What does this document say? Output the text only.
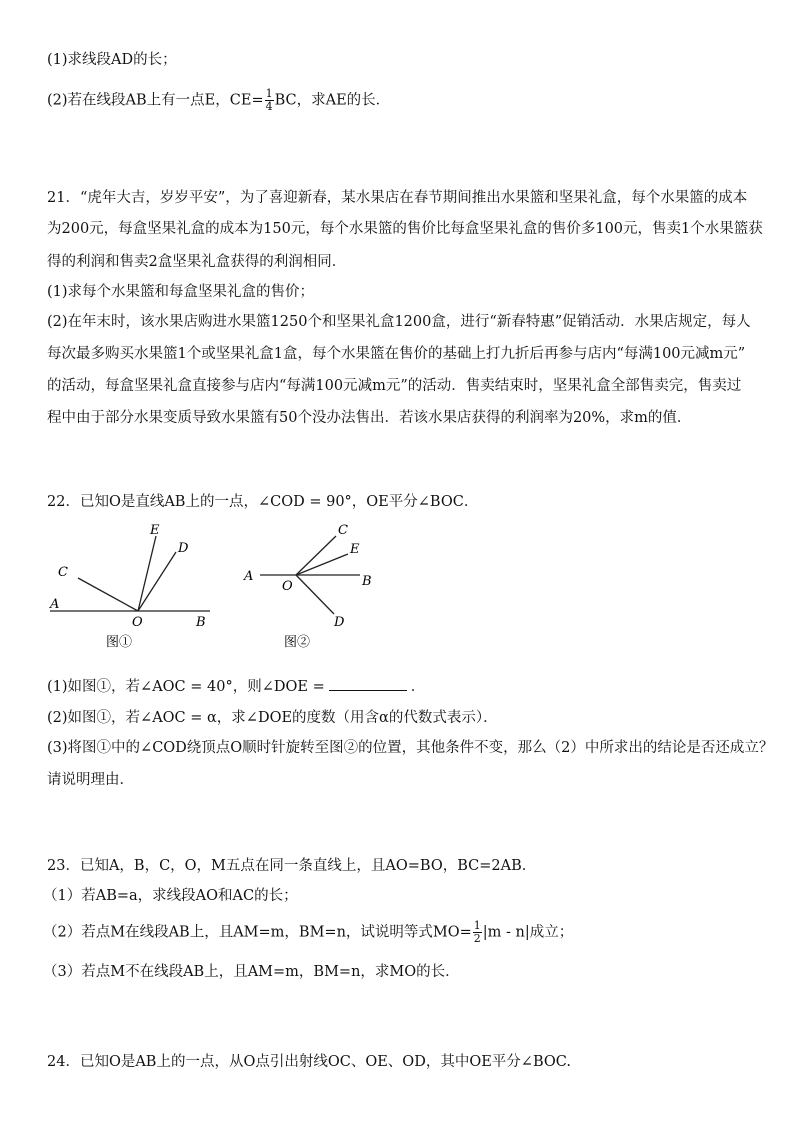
(1)求线段AD的长；
(2)若在线段AB上有一点E，$CE= \frac{1}{4}$ BC，求AE的长．
21．“虎年大吉，岁岁平安”，为了喜迎新春，某水果店在春节期间推出水果篮和坚果礼盒，每个水果篮的成本
为200元，每盒坚果礼盒的成本为150元，每个水果篮的售价比每盒坚果礼盒的售价多100元，售卖1个水果篮获
得的利润和售卖2盒坚果礼盒获得的利润相同．
(1)求每个水果篮和每盒坚果礼盒的售价；
(2)在年末时，该水果店购进水果篮1250个和坚果礼盒1200盒，进行“新春特惠”促销活动．水果店规定，每人
每次最多购买水果篮1个或坚果礼盒1盒，每个水果篮在售价的基础上打九折后再参与店内“每满100元减m元”
的活动，每盒坚果礼盒直接参与店内“每满100元减m元”的活动．售卖结束时，坚果礼盒全部售卖完，售卖过
程中由于部分水果变质导致水果篮有50个没办法售出．若该水果店获得的利润率为20%，求m的值．
22．已知O是直线AB上的一点，∠COD = 90°，OE平分∠BOC．
A
C
E
D
O	B
图①
A
C
E
O	B
D
图②
(1)如图①，若∠AOC = 40°，则∠DOE =	．
(2)如图①，若∠AOC = α，求∠DOE的度数（用含α的代数式表示）．
(3)将图①中的∠COD绕顶点O顺时针旋转至图②的位置，其他条件不变，那么（2）中所求出的结论是否还成立？
请说明理由．
23．已知A，B，C，O，M五点在同一条直线上，且AO=BO，BC=2AB．
（1）若AB=a，求线段AO和AC的长；
（2）若点M在线段AB上，且AM=m，BM=n，试说明等式$MO= \frac{1}{2} |m - n|$成立；
（3）若点M不在线段AB上，且AM=m，BM=n，求MO的长．
24．已知O是AB上的一点，从O点引出射线OC、OE、OD，其中OE平分∠BOC.
